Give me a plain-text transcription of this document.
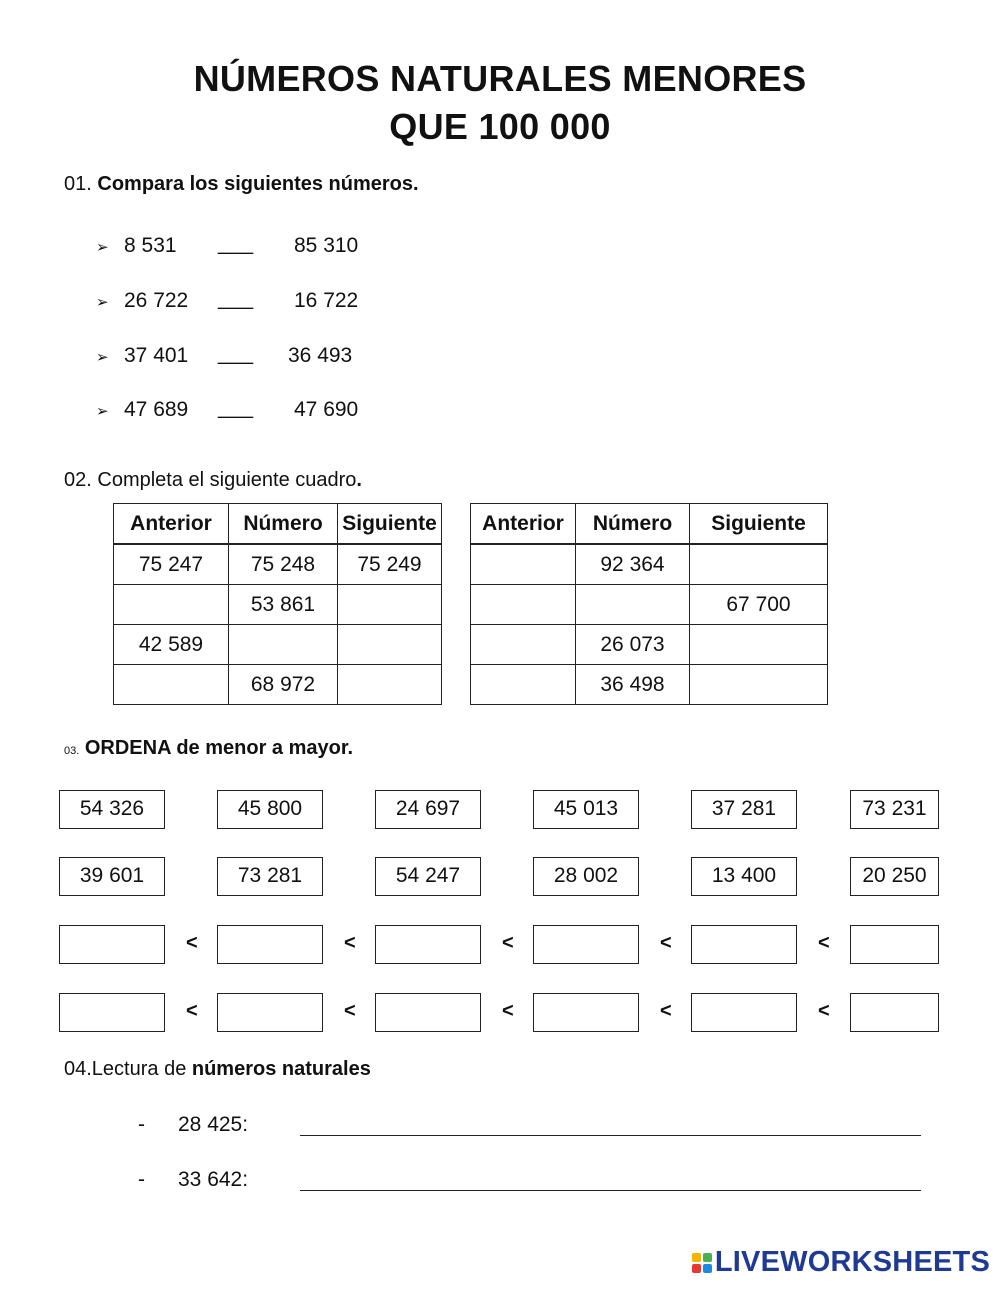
NÚMEROS NATURALES MENORES
QUE 100 000
01. Compara los siguientes números.
➢ 8 531 ___ 85 310
➢ 26 722 ___ 16 722
➢ 37 401 ___ 36 493
➢ 47 689 ___ 47 690
02. Completa el siguiente cuadro.
Anterior	Número	Siguiente
75 247	75 248	75 249
	53 861	
42 589		
	68 972	
Anterior	Número	Siguiente
	92 364	
		67 700
	26 073	
	36 498	
03. ORDENA de menor a mayor.
54 326	45 800	24 697	45 013	37 281	73 231
39 601	73 281	54 247	28 002	13 400	20 250
<	<	<	<	<
<	<	<	<	<
04.Lectura de números naturales
- 28 425:
- 33 642:
LIVEWORKSHEETS
